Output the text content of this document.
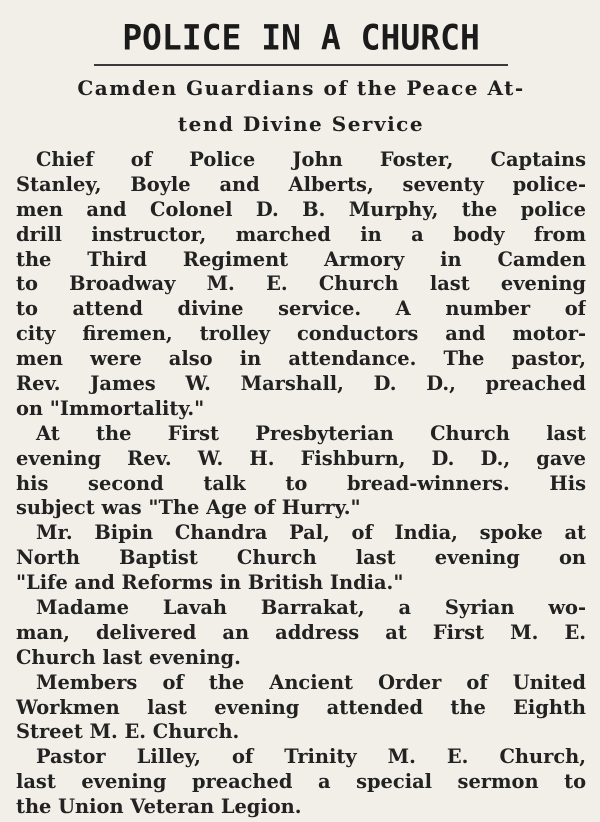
POLICE IN A CHURCH
Camden Guardians of the Peace At-
tend Divine Service
Chief of Police John Foster, Captains
Stanley, Boyle and Alberts, seventy police-
men and Colonel D. B. Murphy, the police
drill instructor, marched in a body from
the Third Regiment Armory in Camden
to Broadway M. E. Church last evening
to attend divine service. A number of
city firemen, trolley conductors and motor-
men were also in attendance. The pastor,
Rev. James W. Marshall, D. D., preached
on "Immortality."
At the First Presbyterian Church last
evening Rev. W. H. Fishburn, D. D., gave
his second talk to bread-winners. His
subject was "The Age of Hurry."
Mr. Bipin Chandra Pal, of India, spoke at
North Baptist Church last evening on
"Life and Reforms in British India."
Madame Lavah Barrakat, a Syrian wo-
man, delivered an address at First M. E.
Church last evening.
Members of the Ancient Order of United
Workmen last evening attended the Eighth
Street M. E. Church.
Pastor Lilley, of Trinity M. E. Church,
last evening preached a special sermon to
the Union Veteran Legion.
